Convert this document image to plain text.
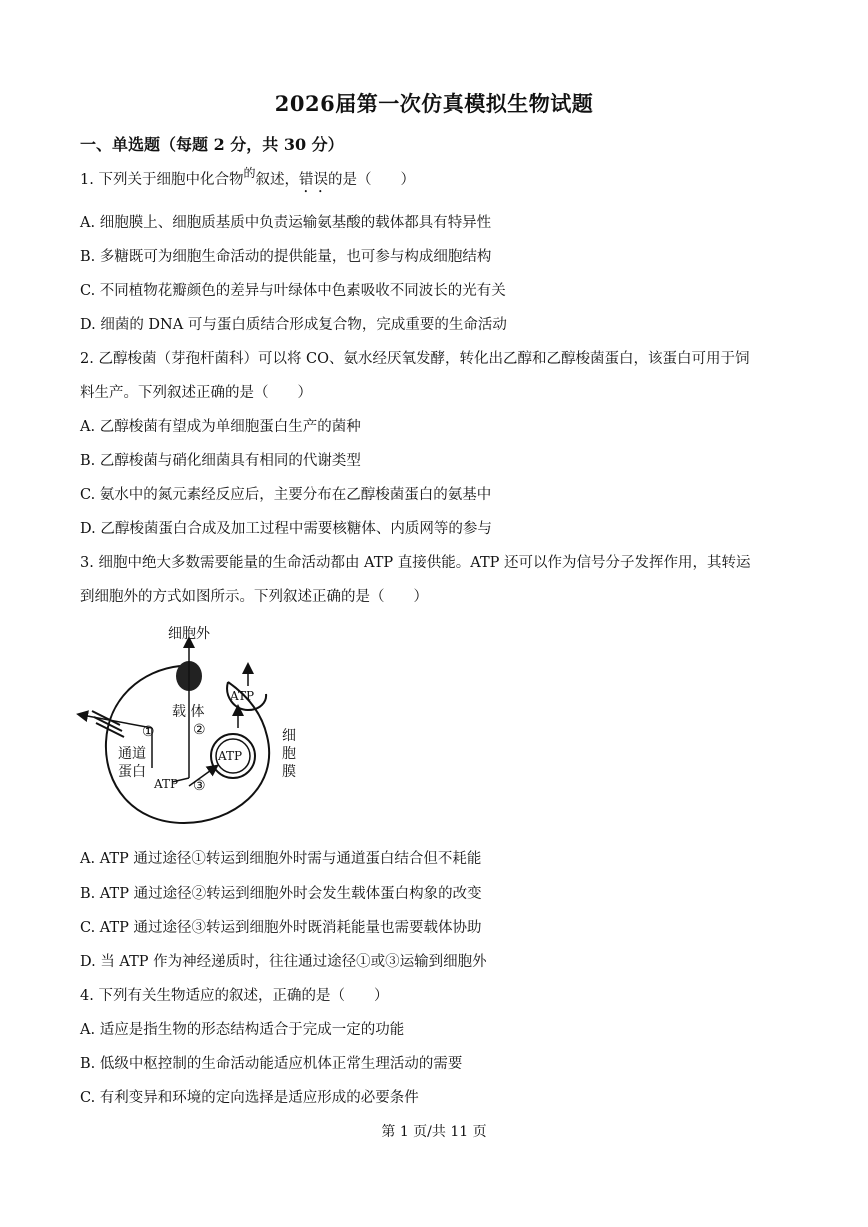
2026届第一次仿真模拟生物试题
一、单选题（每题 2 分，共 30 分）
1. 下列关于细胞中化合物$^的$叙述，错误的是（　　）
A. 细胞膜上、细胞质基质中负责运输氨基酸的载体都具有特异性
B. 多糖既可为细胞生命活动的提供能量，也可参与构成细胞结构
C. 不同植物花瓣颜色的差异与叶绿体中色素吸收不同波长的光有关
D. 细菌的 DNA 可与蛋白质结合形成复合物，完成重要的生命活动
2. 乙醇梭菌（芽孢杆菌科）可以将 CO、氨水经厌氧发酵，转化出乙醇和乙醇梭菌蛋白，该蛋白可用于饲
料生产。下列叙述正确的是（　　）
A. 乙醇梭菌有望成为单细胞蛋白生产的菌种
B. 乙醇梭菌与硝化细菌具有相同的代谢类型
C. 氨水中的氮元素经反应后，主要分布在乙醇梭菌蛋白的氨基中
D. 乙醇梭菌蛋白合成及加工过程中需要核糖体、内质网等的参与
3. 细胞中绝大多数需要能量的生命活动都由 ATP 直接供能。ATP 还可以作为信号分子发挥作用，其转运
到细胞外的方式如图所示。下列叙述正确的是（　　）
细胞外
载 体
ATP
ATP
ATP
①	②
③
通道
蛋白
细
胞
膜
A. ATP 通过途径①转运到细胞外时需与通道蛋白结合但不耗能
B. ATP 通过途径②转运到细胞外时会发生载体蛋白构象的改变
C. ATP 通过途径③转运到细胞外时既消耗能量也需要载体协助
D. 当 ATP 作为神经递质时，往往通过途径①或③运输到细胞外
4. 下列有关生物适应的叙述，正确的是（　　）
A. 适应是指生物的形态结构适合于完成一定的功能
B. 低级中枢控制的生命活动能适应机体正常生理活动的需要
C. 有利变异和环境的定向选择是适应形成的必要条件
第 1 页/共 11 页
